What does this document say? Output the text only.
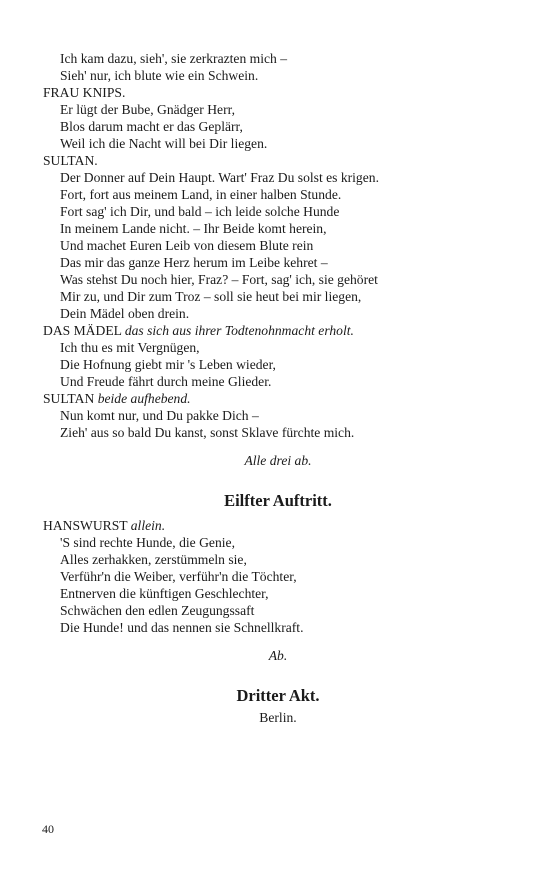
Ich kam dazu, sieh', sie zerkrazten mich –
Sieh' nur, ich blute wie ein Schwein.
FRAU KNIPS.
Er lügt der Bube, Gnädger Herr,
Blos darum macht er das Geplärr,
Weil ich die Nacht will bei Dir liegen.
SULTAN.
Der Donner auf Dein Haupt. Wart' Fraz Du solst es krigen.
Fort, fort aus meinem Land, in einer halben Stunde.
Fort sag' ich Dir, und bald – ich leide solche Hunde
In meinem Lande nicht. – Ihr Beide komt herein,
Und machet Euren Leib von diesem Blute rein
Das mir das ganze Herz herum im Leibe kehret –
Was stehst Du noch hier, Fraz? – Fort, sag' ich, sie gehöret
Mir zu, und Dir zum Troz – soll sie heut bei mir liegen,
Dein Mädel oben drein.
DAS MÄDEL das sich aus ihrer Todtenohnmacht erholt.
Ich thu es mit Vergnügen,
Die Hofnung giebt mir 's Leben wieder,
Und Freude fährt durch meine Glieder.
SULTAN beide aufhebend.
Nun komt nur, und Du pakke Dich –
Zieh' aus so bald Du kanst, sonst Sklave fürchte mich.
Alle drei ab.
Eilfter Auftritt.
HANSWURST allein.
'S sind rechte Hunde, die Genie,
Alles zerhakken, zerstümmeln sie,
Verführ'n die Weiber, verführ'n die Töchter,
Entnerven die künftigen Geschlechter,
Schwächen den edlen Zeugungssaft
Die Hunde! und das nennen sie Schnellkraft.
Ab.
Dritter Akt.
Berlin.
40
